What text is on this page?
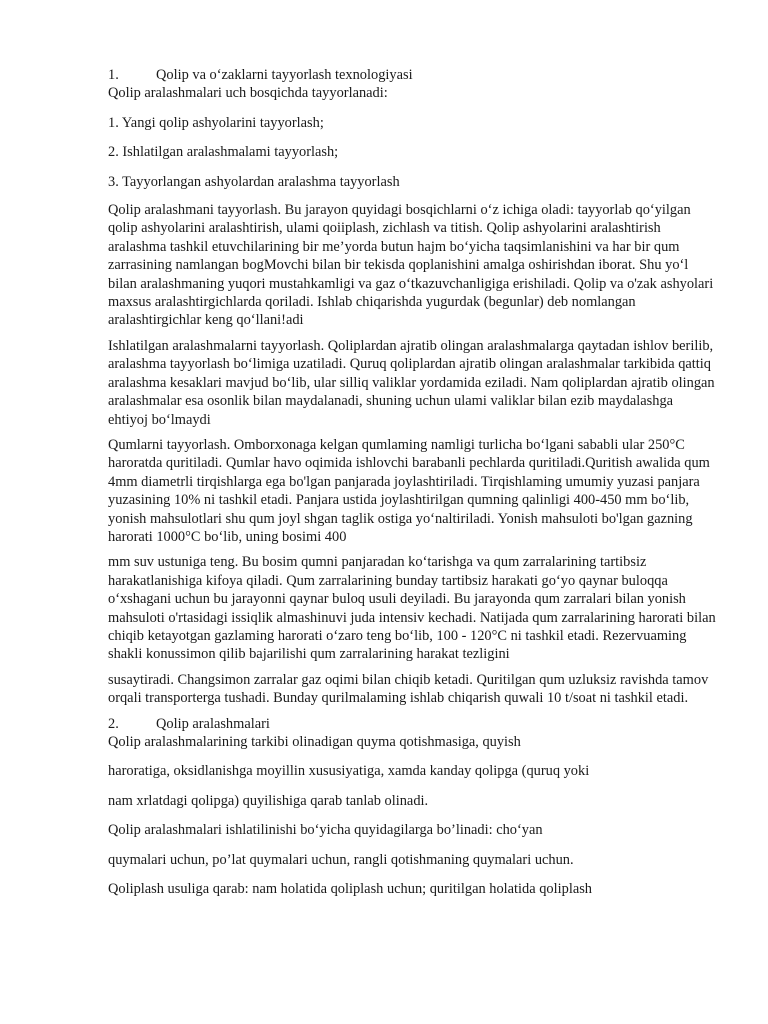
1.	Qolip va o‘zaklarni tayyorlash texnologiyasi

Qolip aralashmalari uch bosqichda tayyorlanadi:

1. Yangi qolip ashyolarini tayyorlash;

2. Ishlatilgan aralashmalami tayyorlash;

3. Tayyorlangan ashyolardan aralashma tayyorlash

Qolip aralashmani tayyorlash. Bu jarayon quyidagi bosqichlarni o‘z ichiga oladi: tayyorlab qo‘yilgan qolip ashyolarini aralashtirish, ulami qoiiplash, zichlash va titish. Qolip ashyolarini aralashtirish aralashma tashkil etuvchilarining bir me’yorda butun hajm bo‘yicha taqsimlanishini va har bir qum zarrasining namlangan bogMovchi bilan bir tekisda qoplanishini amalga oshirishdan iborat. Shu yo‘l bilan aralashmaning yuqori mustahkamligi va gaz o‘tkazuvchanligiga erishiladi. Qolip va o'zak ashyolari maxsus aralashtirgichlarda qoriladi. Ishlab chiqarishda yugurdak (begunlar) deb nomlangan aralashtirgichlar keng qo‘llani!adi

Ishlatilgan aralashmalarni tayyorlash. Qoliplardan ajratib olingan aralashmalarga qaytadan ishlov berilib, aralashma tayyorlash bo‘limiga uzatiladi. Quruq qoliplardan ajratib olingan aralashmalar tarkibida qattiq aralashma kesaklari mavjud bo‘lib, ular silliq valiklar yordamida eziladi. Nam qoliplardan ajratib olingan aralashmalar esa osonlik bilan maydalanadi, shuning uchun ulami valiklar bilan ezib maydalashga ehtiyoj bo‘lmaydi

Qumlarni tayyorlash. Omborxonaga kelgan qumlaming namligi turlicha bo‘lgani sababli ular 250°C haroratda quritiladi. Qumlar havo oqimida ishlovchi barabanli pechlarda quritiladi.Quritish awalida qum 4mm diametrli tirqishlarga ega bo'lgan panjarada joylashtiriladi. Tirqishlaming umumiy yuzasi panjara yuzasining 10% ni tashkil etadi. Panjara ustida joylashtirilgan qumning qalinligi 400-450 mm bo‘lib, yonish mahsulotlari shu qum joyl shgan taglik ostiga yo‘naltiriladi. Yonish mahsuloti bo'lgan gazning harorati 1000°C bo‘lib, uning bosimi 400

mm suv ustuniga teng. Bu bosim qumni panjaradan ko‘tarishga va qum zarralarining tartibsiz harakatlanishiga kifoya qiladi. Qum zarralarining bunday tartibsiz harakati go‘yo qaynar buloqqa o‘xshagani uchun bu jarayonni qaynar buloq usuli deyiladi. Bu jarayonda qum zarralari bilan yonish mahsuloti o'rtasidagi issiqlik almashinuvi juda intensiv kechadi. Natijada qum zarralarining harorati bilan chiqib ketayotgan gazlaming harorati o‘zaro teng bo‘lib, 100 - 120°C ni tashkil etadi. Rezervuaming shakli konussimon qilib bajarilishi qum zarralarining harakat tezligini

susaytiradi. Changsimon zarralar gaz oqimi bilan chiqib ketadi. Quritilgan qum uzluksiz ravishda tamov orqali transporterga tushadi. Bunday qurilmalaming ishlab chiqarish quwali 10 t/soat ni tashkil etadi.

2.	Qolip aralashmalari

Qolip aralashmalarining tarkibi olinadigan quyma qotishmasiga, quyish

haroratiga, oksidlanishga moyillin xususiyatiga, xamda kanday qolipga (quruq yoki

nam xrlatdagi qolipga) quyilishiga qarab tanlab olinadi.

Qolip aralashmalari ishlatilinishi bo‘yicha quyidagilarga bo’linadi: cho‘yan

quymalari uchun, po’lat quymalari uchun, rangli qotishmaning quymalari uchun.

Qoliplash usuliga qarab: nam holatida qoliplash uchun; quritilgan holatida qoliplash
